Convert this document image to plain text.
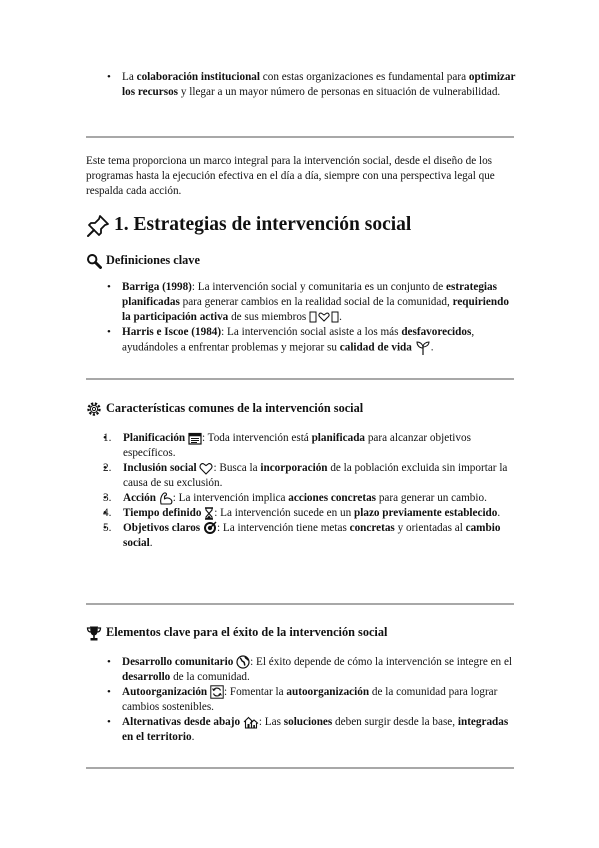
• La colaboración institucional con estas organizaciones es fundamental para optimizar los recursos y llegar a un mayor número de personas en situación de vulnerabilidad.

Este tema proporciona un marco integral para la intervención social, desde el diseño de los programas hasta la ejecución efectiva en el día a día, siempre con una perspectiva legal que respalda cada acción.

1. Estrategias de intervención social
Definiciones clave
• Barriga (1998): La intervención social y comunitaria es un conjunto de estrategias planificadas para generar cambios en la realidad social de la comunidad, requiriendo la participación activa de sus miembros	.
• Harris e Iscoe (1984): La intervención social asiste a los más desfavorecidos, ayudándoles a enfrentar problemas y mejorar su calidad de vida .
Características comunes de la intervención social
• 1. Planificación : Toda intervención está planificada para alcanzar objetivos específicos.
• 2. Inclusión social : Busca la incorporación de la población excluida sin importar la causa de su exclusión.
• 3. Acción : La intervención implica acciones concretas para generar un cambio.
• 4. Tiempo definido : La intervención sucede en un plazo previamente establecido.
• 5. Objetivos claros : La intervención tiene metas concretas y orientadas al cambio social.
Elementos clave para el éxito de la intervención social
• Desarrollo comunitario : El éxito depende de cómo la intervención se integre en el desarrollo de la comunidad.
• Autoorganización : Fomentar la autoorganización de la comunidad para lograr cambios sostenibles.
• Alternativas desde abajo : Las soluciones deben surgir desde la base, integradas en el territorio.
